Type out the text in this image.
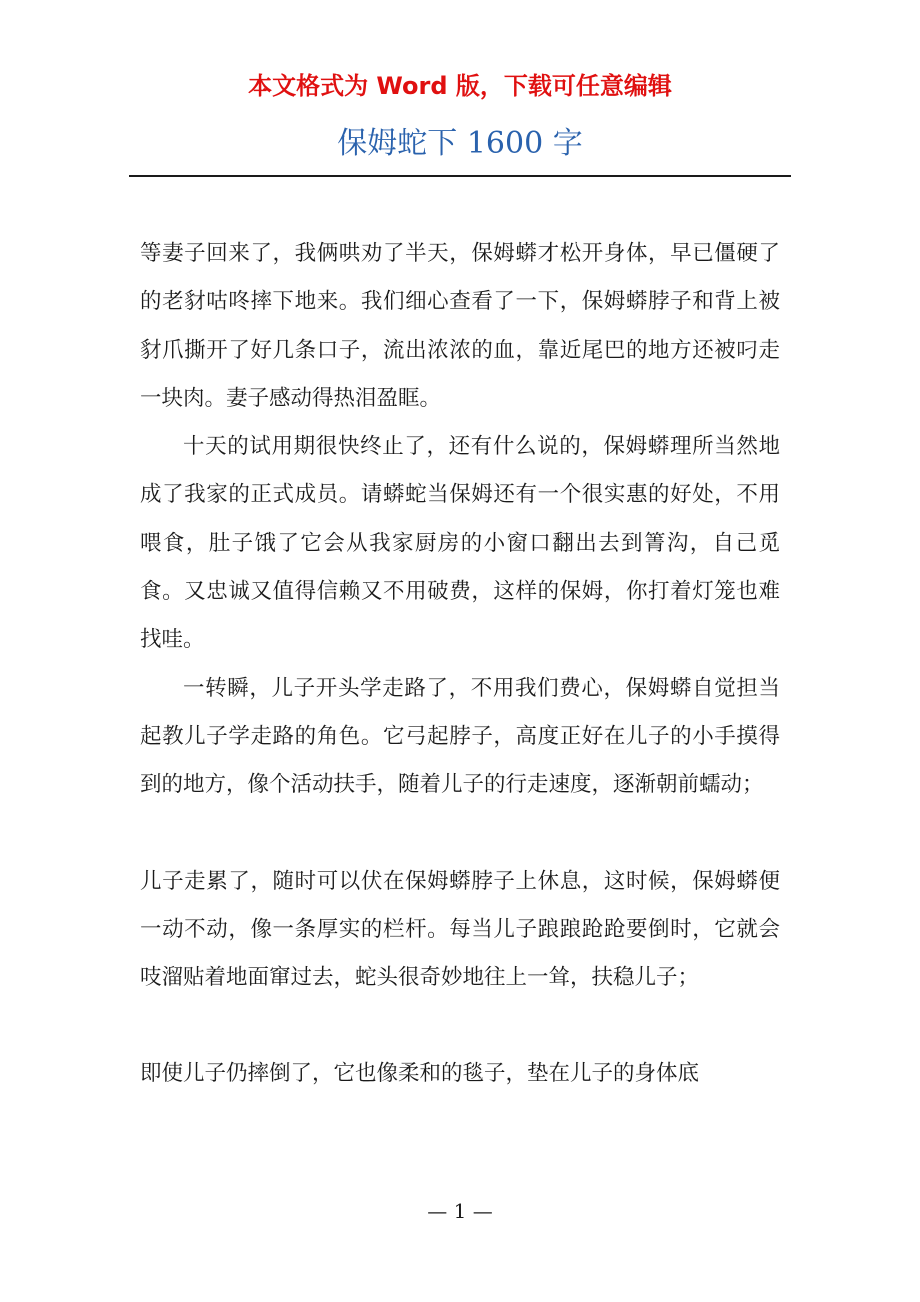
本文格式为 Word 版，下载可任意编辑
保姆蛇下 1600 字

等妻子回来了，我俩哄劝了半天，保姆蟒才松开身体，早已僵硬了的老豺咕咚摔下地来。我们细心查看了一下，保姆蟒脖子和背上被豺爪撕开了好几条口子，流出浓浓的血，靠近尾巴的地方还被叼走一块肉。妻子感动得热泪盈眶。

十天的试用期很快终止了，还有什么说的，保姆蟒理所当然地成了我家的正式成员。请蟒蛇当保姆还有一个很实惠的好处，不用喂食，肚子饿了它会从我家厨房的小窗口翻出去到箐沟，自己觅食。又忠诚又值得信赖又不用破费，这样的保姆，你打着灯笼也难找哇。

一转瞬，儿子开头学走路了，不用我们费心，保姆蟒自觉担当起教儿子学走路的角色。它弓起脖子，高度正好在儿子的小手摸得到的地方，像个活动扶手，随着儿子的行走速度，逐渐朝前蠕动；

儿子走累了，随时可以伏在保姆蟒脖子上休息，这时候，保姆蟒便一动不动，像一条厚实的栏杆。每当儿子踉踉跄跄要倒时，它就会吱溜贴着地面窜过去，蛇头很奇妙地往上一耸，扶稳儿子；

即使儿子仍摔倒了，它也像柔和的毯子，垫在儿子的身体底

— 1 —
